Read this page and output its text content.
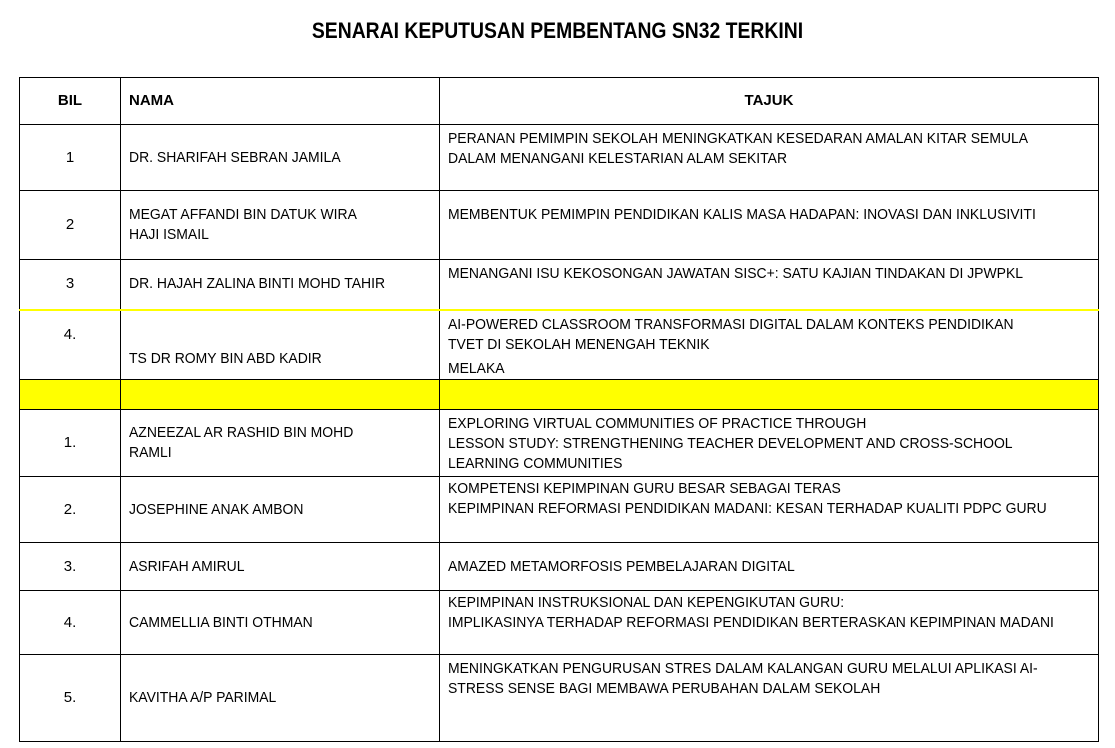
SENARAI KEPUTUSAN PEMBENTANG SN32 TERKINI
BIL	NAMA	TAJUK
1	DR. SHARIFAH SEBRAN JAMILA	PERANAN PEMIMPIN SEKOLAH MENINGKATKAN KESEDARAN AMALAN KITAR SEMULA
DALAM MENANGANI KELESTARIAN ALAM SEKITAR

2	MEGAT AFFANDI BIN DATUK WIRA
HAJI ISMAIL	MEMBENTUK PEMIMPIN PENDIDIKAN KALIS MASA HADAPAN: INOVASI DAN INKLUSIVITI

3	DR. HAJAH ZALINA BINTI MOHD TAHIR	MENANGANI ISU KEKOSONGAN JAWATAN SISC+: SATU KAJIAN TINDAKAN DI JPWPKL

4.	TS DR ROMY BIN ABD KADIR	AI-POWERED CLASSROOM TRANSFORMASI DIGITAL DALAM KONTEKS PENDIDIKAN
TVET DI SEKOLAH MENENGAH TEKNIK
MELAKA

1.	AZNEEZAL AR RASHID BIN MOHD
RAMLI	EXPLORING VIRTUAL COMMUNITIES OF PRACTICE THROUGH
LESSON STUDY: STRENGTHENING TEACHER DEVELOPMENT AND CROSS-SCHOOL
LEARNING COMMUNITIES

2.	JOSEPHINE ANAK AMBON	KOMPETENSI KEPIMPINAN GURU BESAR SEBAGAI TERAS
KEPIMPINAN REFORMASI PENDIDIKAN MADANI: KESAN TERHADAP KUALITI PDPC GURU

3.	ASRIFAH AMIRUL	AMAZED METAMORFOSIS PEMBELAJARAN DIGITAL

4.	CAMMELLIA BINTI OTHMAN	KEPIMPINAN INSTRUKSIONAL DAN KEPENGIKUTAN GURU:
IMPLIKASINYA TERHADAP REFORMASI PENDIDIKAN BERTERASKAN KEPIMPINAN MADANI

5.	KAVITHA A/P PARIMAL	MENINGKATKAN PENGURUSAN STRES DALAM KALANGAN GURU MELALUI APLIKASI AI-
STRESS SENSE BAGI MEMBAWA PERUBAHAN DALAM SEKOLAH
